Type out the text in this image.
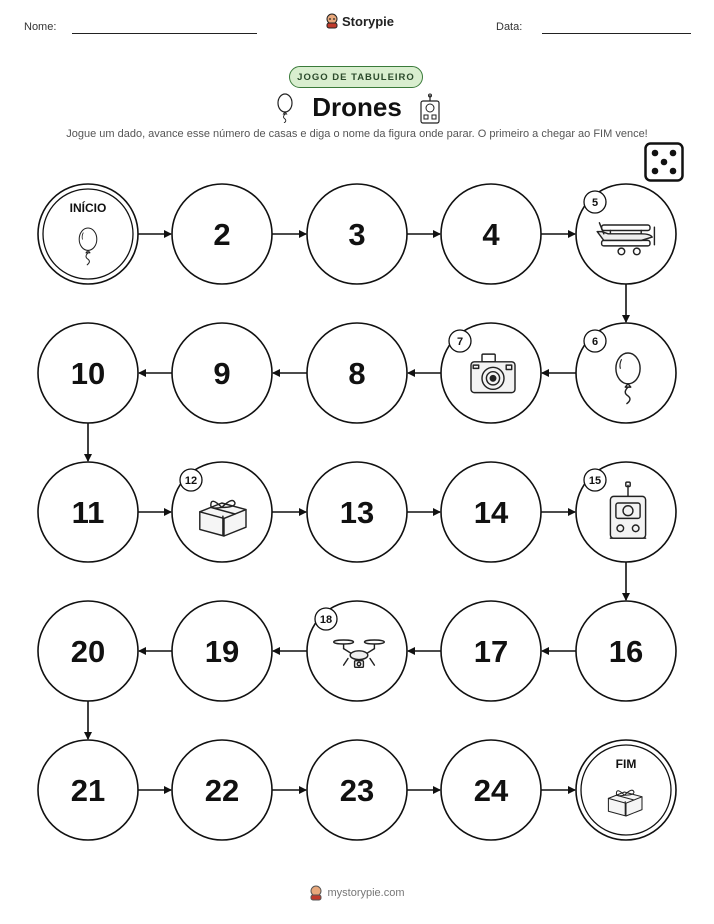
Nome:	Storypie	Data:
JOGO DE TABULEIRO
Drones
Jogue um dado, avance esse número de casas e diga o nome da figura onde parar. O primeiro a chegar ao FIM vence!
INÍCIO
2	3	4
5
6
7
8
9
10
11
12
13	14
15
16
17
18
19
20
21	22	23	24
FIM
mystorypie.com
